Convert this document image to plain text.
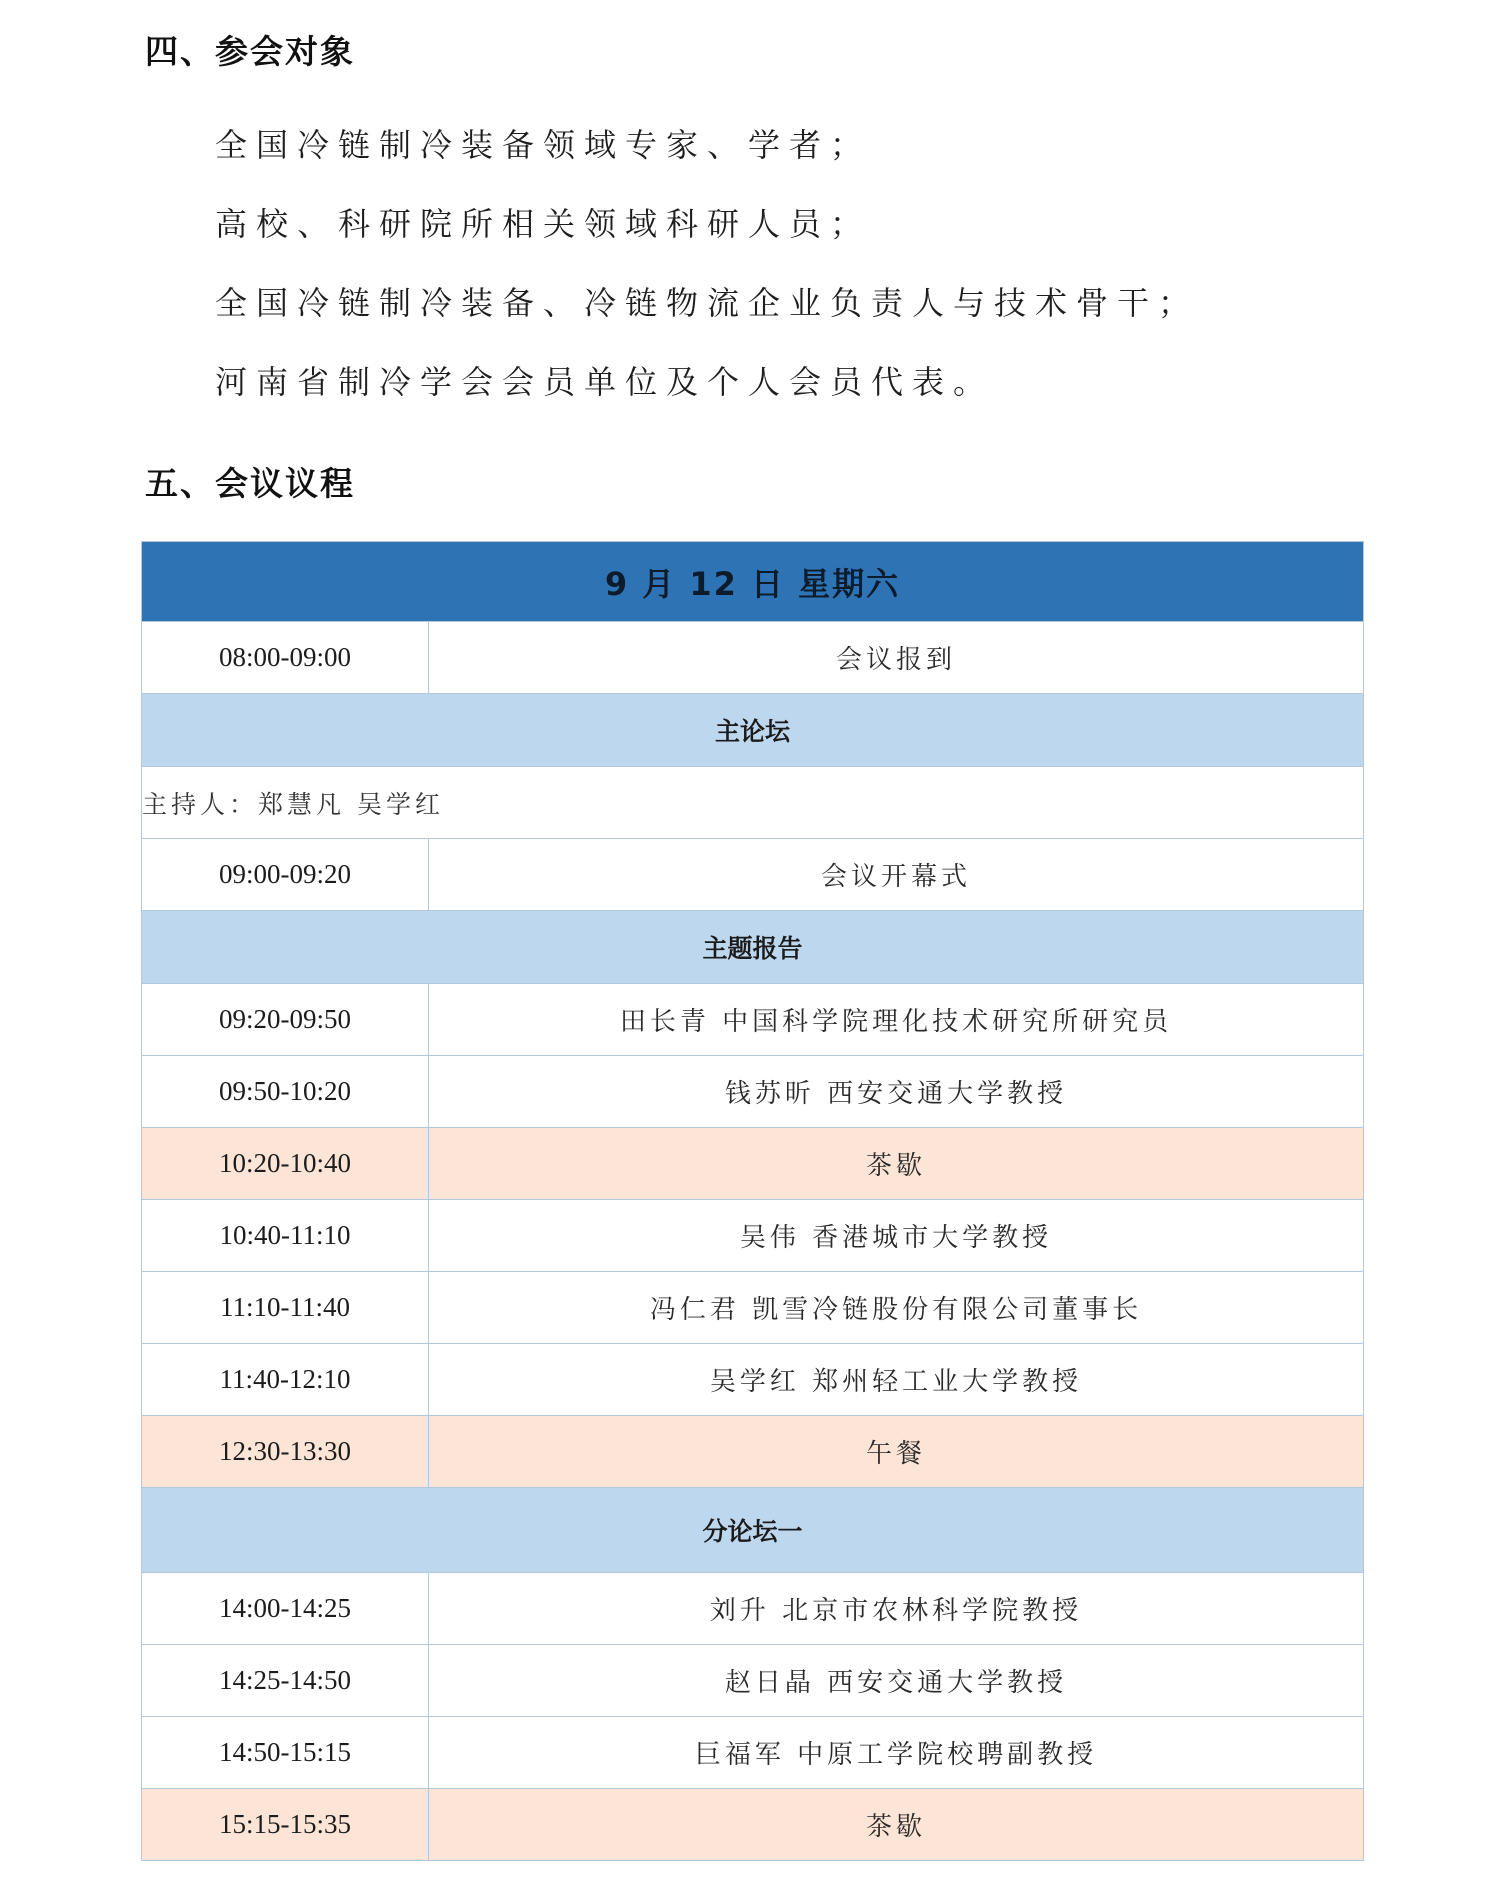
四、参会对象
全国冷链制冷装备领域专家、学者；
高校、科研院所相关领域科研人员；
全国冷链制冷装备、冷链物流企业负责人与技术骨干；
河南省制冷学会会员单位及个人会员代表。
五、会议议程
9 月 12 日 星期六	
08:00-09:00	会议报到
主论坛	
主持人：郑慧凡 吴学红	
09:00-09:20	会议开幕式
主题报告	
09:20-09:50	田长青 中国科学院理化技术研究所研究员
09:50-10:20	钱苏昕 西安交通大学教授
10:20-10:40	茶歇
10:40-11:10	吴伟 香港城市大学教授
11:10-11:40	冯仁君 凯雪冷链股份有限公司董事长
11:40-12:10	吴学红 郑州轻工业大学教授
12:30-13:30	午餐
分论坛一	
14:00-14:25	刘升 北京市农林科学院教授
14:25-14:50	赵日晶 西安交通大学教授
14:50-15:15	巨福军 中原工学院校聘副教授
15:15-15:35	茶歇
